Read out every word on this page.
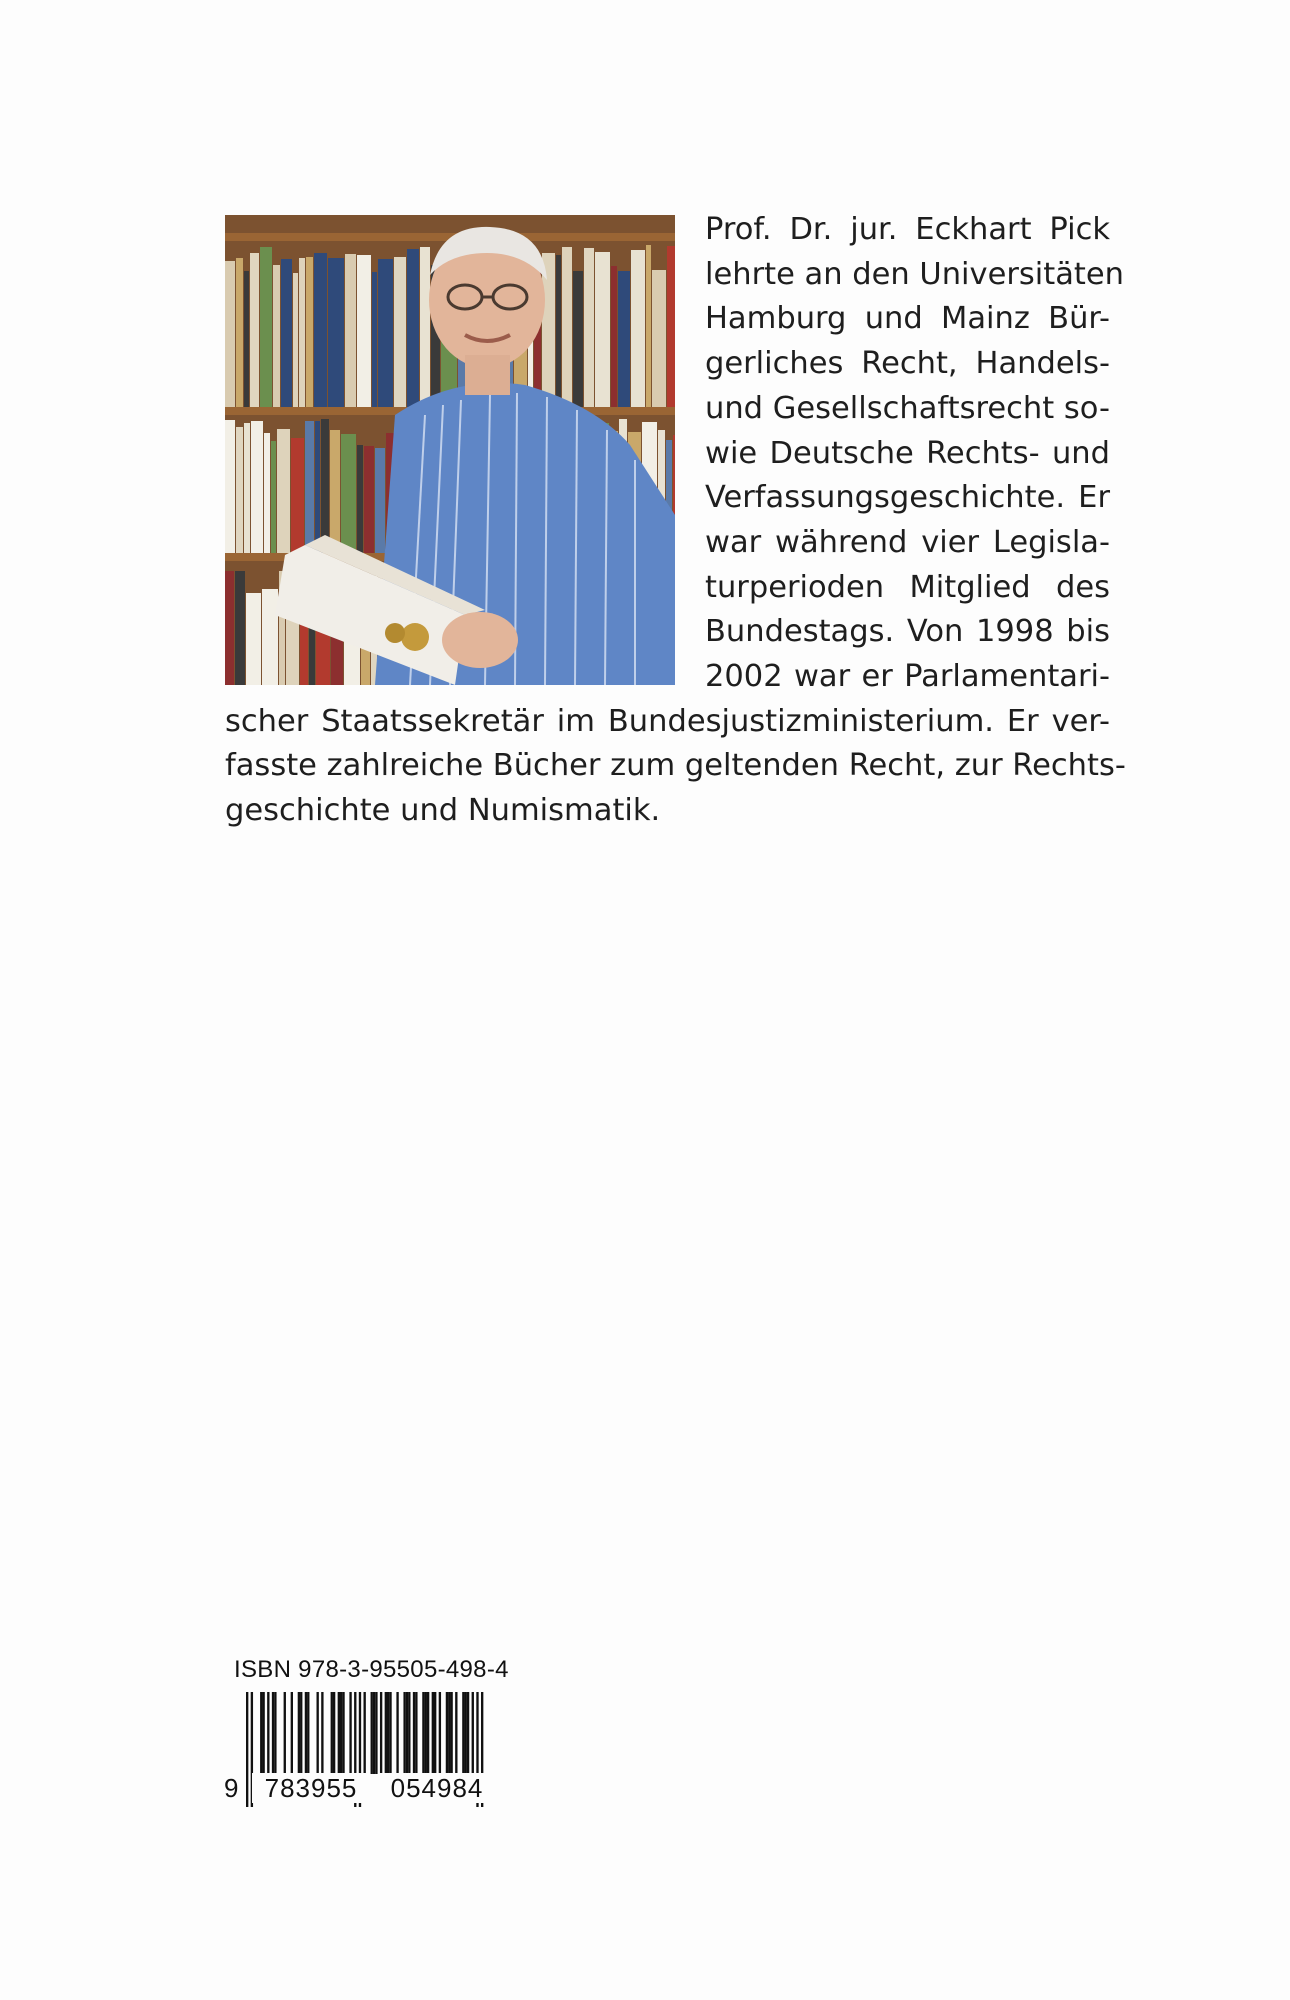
Prof. Dr. jur. Eckhart Pick
lehrte an den Universitäten
Hamburg und Mainz Bür-
gerliches Recht, Handels-
und Gesellschaftsrecht so-
wie Deutsche Rechts- und
Verfassungsgeschichte. Er
war während vier Legisla-
turperioden Mitglied des
Bundestags. Von 1998 bis
2002 war er Parlamentari-
scher Staatssekretär im Bundesjustizministerium. Er ver-
fasste zahlreiche Bücher zum geltenden Recht, zur Rechts-
geschichte und Numismatik.
ISBN 978-3-95505-498-4
9	783955	054984
